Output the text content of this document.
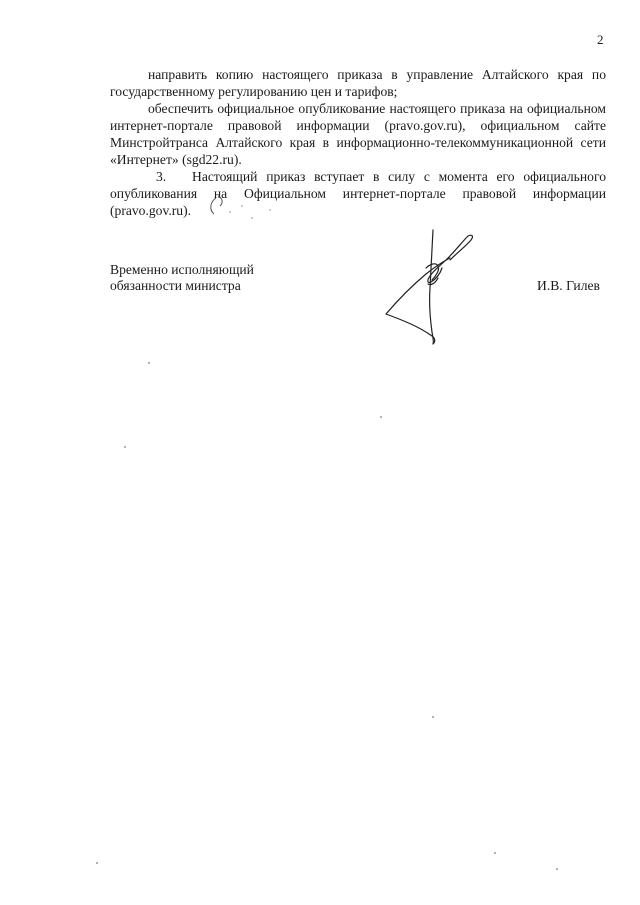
2

направить копию настоящего приказа в управление Алтайского края по государственному регулированию цен и тарифов;

обеспечить официальное опубликование настоящего приказа на официальном интернет-портале правовой информации (pravo.gov.ru), официальном сайте Минстройтранса Алтайского края в информационно-телекоммуникационной сети «Интернет» (sgd22.ru).

3. Настоящий приказ вступает в силу с момента его официального опубликования на Официальном интернет-портале правовой информации (pravo.gov.ru).

Временно исполняющий
обязанности министра	И.В. Гилев
